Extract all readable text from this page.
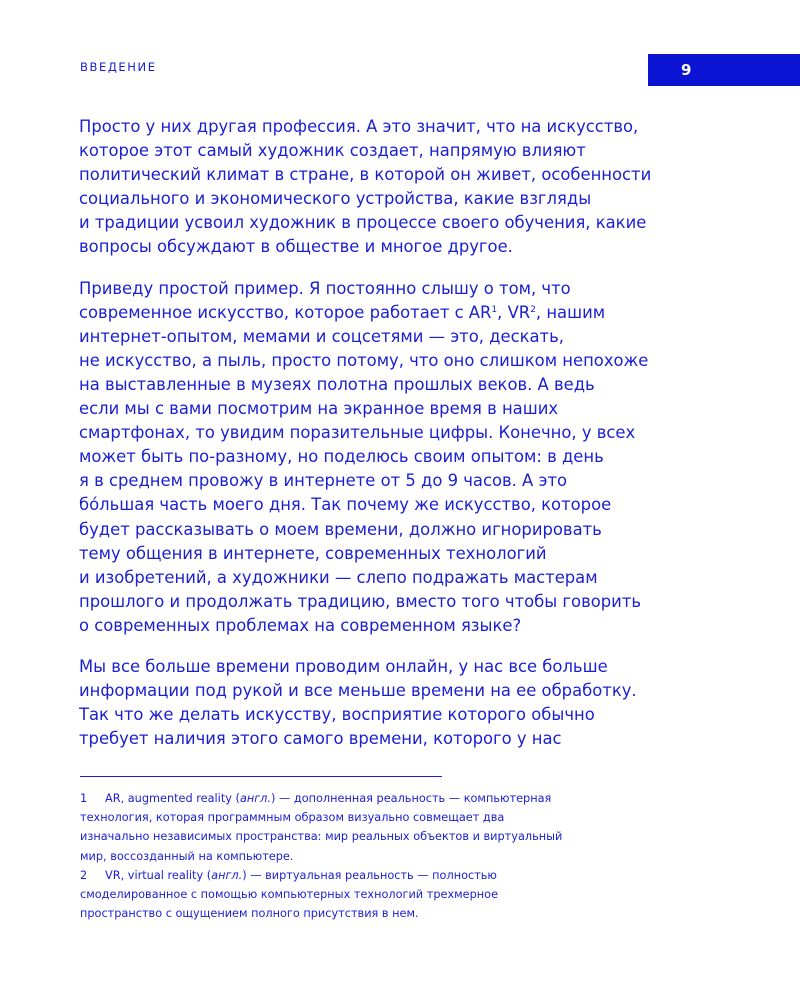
ВВЕДЕНИЕ	9
Просто у них другая профессия. А это значит, что на искусство,
которое этот самый художник создает, напрямую влияют
политический климат в стране, в которой он живет, особенности
социального и экономического устройства, какие взгляды
и традиции усвоил художник в процессе своего обучения, какие
вопросы обсуждают в обществе и многое другое.
Приведу простой пример. Я постоянно слышу о том, что
современное искусство, которое работает с $AR^1$, $VR^2$, нашим
интернет-опытом, мемами и соцсетями — это, дескать,
не искусство, а пыль, просто потому, что оно слишком непохоже
на выставленные в музеях полотна прошлых веков. А ведь
если мы с вами посмотрим на экранное время в наших
смартфонах, то увидим поразительные цифры. Конечно, у всех
может быть по-разному, но поделюсь своим опытом: в день
я в среднем провожу в интернете от 5 до 9 часов. А это
бо́льшая часть моего дня. Так почему же искусство, которое
будет рассказывать о моем времени, должно игнорировать
тему общения в интернете, современных технологий
и изобретений, а художники — слепо подражать мастерам
прошлого и продолжать традицию, вместо того чтобы говорить
о современных проблемах на современном языке?
Мы все больше времени проводим онлайн, у нас все больше
информации под рукой и все меньше времени на ее обработку.
Так что же делать искусству, восприятие которого обычно
требует наличия этого самого времени, которого у нас
1 AR, augmented reality (англ.) — дополненная реальность — компьютерная
технология, которая программным образом визуально совмещает два
изначально независимых пространства: мир реальных объектов и виртуальный
мир, воссозданный на компьютере.
2 VR, virtual reality (англ.) — виртуальная реальность — полностью
смоделированное с помощью компьютерных технологий трехмерное
пространство с ощущением полного присутствия в нем.
